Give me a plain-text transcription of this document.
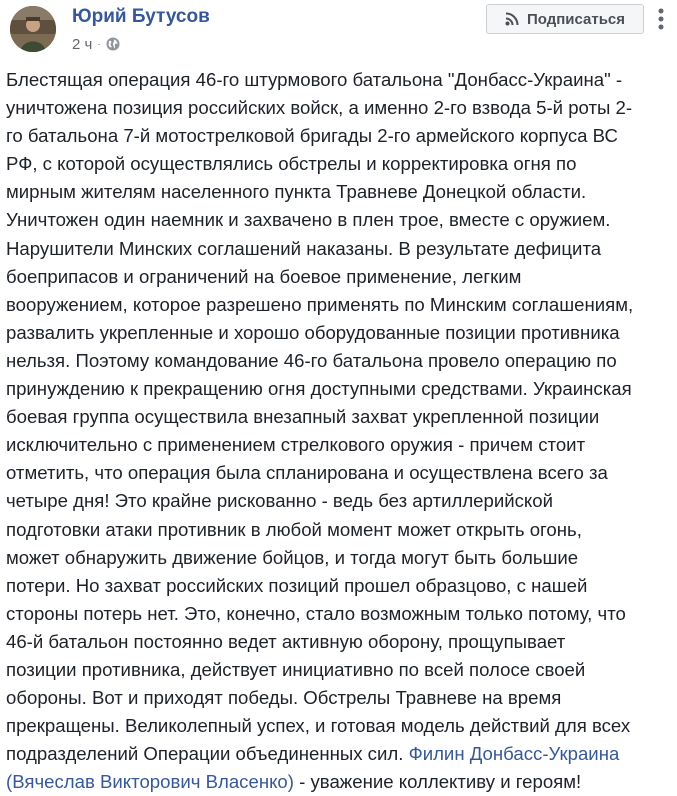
Юрий Бутусов
2 ч ·
Подписаться
Блестящая операция 46-го штурмового батальона "Донбасс-Украина" -
уничтожена позиция российских войск, а именно 2-го взвода 5-й роты 2-
го батальона 7-й мотострелковой бригады 2-го армейского корпуса ВС
РФ, с которой осуществлялись обстрелы и корректировка огня по
мирным жителям населенного пункта Травневе Донецкой области.
Уничтожен один наемник и захвачено в плен трое, вместе с оружием.
Нарушители Минских соглашений наказаны. В результате дефицита
боеприпасов и ограничений на боевое применение, легким
вооружением, которое разрешено применять по Минским соглашениям,
развалить укрепленные и хорошо оборудованные позиции противника
нельзя. Поэтому командование 46-го батальона провело операцию по
принуждению к прекращению огня доступными средствами. Украинская
боевая группа осуществила внезапный захват укрепленной позиции
исключительно с применением стрелкового оружия - причем стоит
отметить, что операция была спланирована и осуществлена всего за
четыре дня! Это крайне рискованно - ведь без артиллерийской
подготовки атаки противник в любой момент может открыть огонь,
может обнаружить движение бойцов, и тогда могут быть большие
потери. Но захват российских позиций прошел образцово, с нашей
стороны потерь нет. Это, конечно, стало возможным только потому, что
46-й батальон постоянно ведет активную оборону, прощупывает
позиции противника, действует инициативно по всей полосе своей
обороны. Вот и приходят победы. Обстрелы Травневе на время
прекращены. Великолепный успех, и готовая модель действий для всех
подразделений Операции объединенных сил. Филин Донбасс-Украина
(Вячеслав Викторович Власенко) - уважение коллективу и героям!
